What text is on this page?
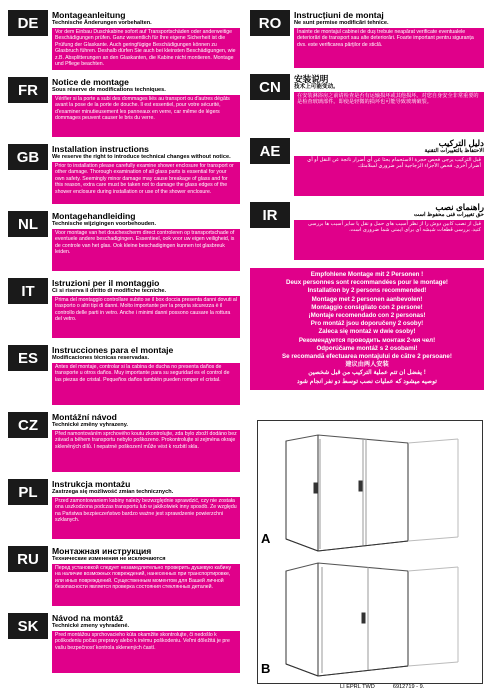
DE	Montageanleitung
Technische Änderungen vorbehalten.
Vor dem Einbau Duschkabine sofort auf Transportschäden oder anderweitige Beschädigungen prüfen. Ganz wesentlich für Ihre eigene Sicherheit ist die Prüfung der Glaskante. Auch geringfügige Beschädigungen können zu Glasbruch führen. Deshalb dürfen Sie auch bei kleinsten Beschädigungen, wie z.B. Absplitterungen an den Glaskanten, die Kabine nicht montieren. Montage und Pflege beachten.
FR	Notice de montage
Sous réserve de modifications techniques.
Vérifier si la porte a subi des dommages liés au transport ou d'autres dégâts avant la pose de la porte de douche. Il est essentiel, pour votre sécurité, d'examiner minutieusement les panneaux en verre, car même de légers dommages peuvent causer le bris du verre.
GB	Installation instructions
We reserve the right to introduce technical changes without notice.
Prior to installation please carefully examine shower enclosure for transport or other damage. Thorough examination of all glass parts is essential for your own safety. Seemingly minor damage may cause breakage of glass and for this reason, extra care must be taken not to damage the glass edges of the shower enclosure during installation or use of the shower enclosure.
NL	Montagehandleiding
Technische wijzigingen voorbehouden.
Voor montage van het douchescherm direct controleren op transportschade of eventuele andere beschadigingen. Essentieel, ook voor uw eigen veiligheid, is de controle van het glas. Ook kleine beschadigingen kunnen tot glasbreuk leiden.
IT	Istruzioni per il montaggio
Ci si riserva il diritto di modifiche tecniche.
Prima del montaggio controllare subito se il box doccia presenta danni dovuti al trasporto o altri tipi di danni. Molto importante per la propria sicurezza è il controllo delle parti in vetro. Anche i minimi danni possono causare la rottura del vetro.
ES	Instrucciones para el montaje
Modificaciones técnicas reservadas.
Antes del montaje, controlar si la cabina de ducha no presenta daños de transporte u otros daños. Muy importante para su seguridad es el control de las piezas de cristal. Pequeños daños también pueden romper el cristal.
CZ	Montážní návod
Technické změny vyhrazeny.
Před namontováním sprchového koutu zkontrolujte, zda bylo zboží dodáno bez závad a během transportu nebylo poškozeno. Prokontrolujte si zejména okraje skleněných dílů. I nepatrné poškození může vést k rozbití skla.
PL	Instrukcja montażu
Zastrzega się możliwość zmian technicznych.
Przed zamontowaniem kabiny należy bezwzględnie sprawdzić, czy nie została ona uszkodzona podczas transportu lub w jakikolwiek inny sposób. Ze względu na Państwa bezpieczeństwo bardzo ważne jest sprawdzenie powierzchni szklanych.
RU	Монтажная инструкция
Технические изменения не исключаются
Перед установкой следует незамедлительно проверить душевую кабину на наличие возможных повреждений, нанесенных при транспортировке, или иных повреждений. Существенным моментом для Вашей личной безопасности является проверка состояния стеклянных деталей.
SK	Návod na montáž
Technické zmeny vyhradené.
Pred montážou sprchovacieho kúta okamžite skontrolujte, či nedošlo k poškodeniu počas prepravy alebo k inému poškodeniu. Veľmi dôležitá je pre vašu bezpečnosť kontrola sklenených častí.
RO	Instrucțiuni de montaj
Ne sunt permise modificări tehnice.
Înainte de montajul cabinei de duș trebuie neapărat verificate eventualele deteriorări de transport sau alte deteriorări. Foarte important pentru siguranța dvs. este verificarea părților de sticlă.
CN	安装说明
技术上可能变动。
在安装淋浴房之前请检查是否有运输损坏或其他损坏。对您自身安全非常重要的是检查玻璃部件。即使是轻微的损坏也可能导致玻璃破裂。
AE	دليل التركيب
الاحتفاظ بالتغييرات التقنية
قبل التركيب يرجى فحص حجرة الاستحمام بحثا عن أي أضرار ناتجة عن النقل أو أي أضرار أخرى. فحص الأجزاء الزجاجية أمر ضروري لسلامتك.
IR	راهنمای نصب
حق تغییرات فنی محفوظ است
قبل از نصب کابین دوش را از نظر آسیب های حمل و نقل یا سایر آسیب ها بررسی کنید. بررسی قطعات شیشه ای برای ایمنی شما ضروری است.
Empfohlene Montage mit 2 Personen !
Deux personnes sont recommandées pour le montage!
Installation by 2 persons recommended!
Montage met 2 personen aanbevolen!
Montaggio consigliato con 2 persone!
¡Montaje recomendado con 2 personas!
Pro montáž jsou doporučeny 2 osoby!
Zaleca się montaż w dwie osoby!
Рекомендуется проводить монтаж 2-мя чел!
Odporúčame montáž s 2 osobami!
Se recomandă efectuarea montajului de către 2 persoane!
建议由两人安装
يفضل ان تتم عملية التركيب من قبل شخصين !
توصیه میشود که عملیات نصب توسط دو نفر انجام شود
A
B
LI EPRL TWD	6912719 - 9.
